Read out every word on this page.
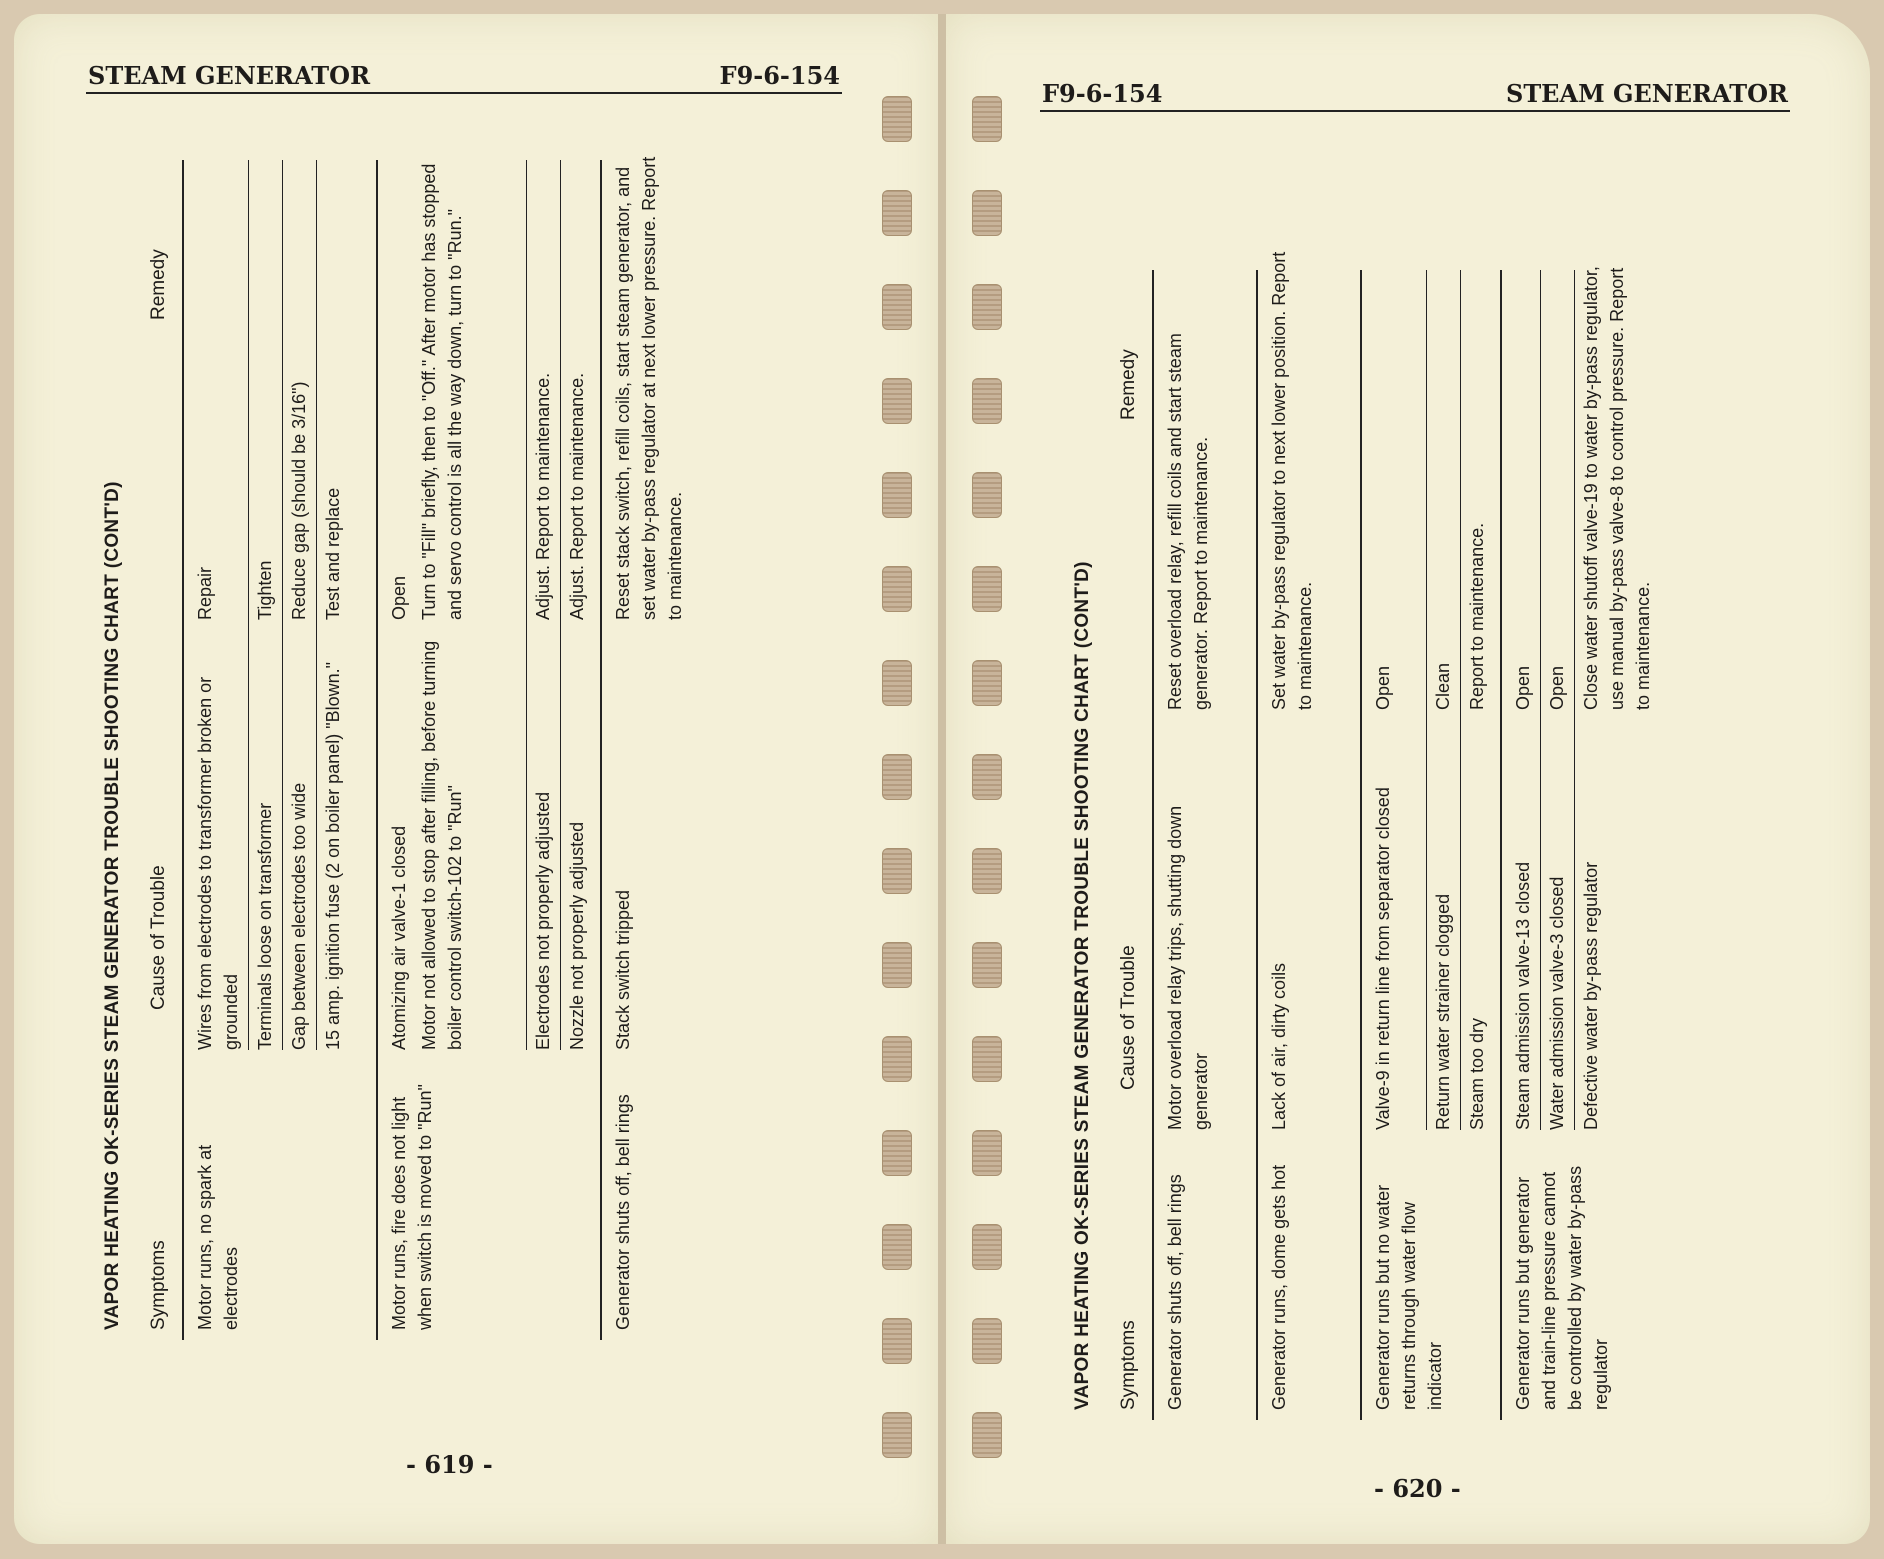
STEAM GENERATOR	F9-6-154
F9-6-154	STEAM GENERATOR
VAPOR HEATING OK-SERIES STEAM GENERATOR TROUBLE SHOOTING CHART (CONT'D) Symptoms
Cause of Trouble
Remedy
Motor runs, no spark at electrodes
Wires from electrodes to transformer broken or grounded
Repair
Terminals loose on transformer
Tighten
Gap between electrodes too wide
Reduce gap (should be 3/16")
15 amp. ignition fuse (2 on boiler panel) "Blown."
Test and replace
Motor runs, fire does not light when switch is moved to "Run"
Atomizing air valve-1 closed
Open
Motor not allowed to stop after filling, before turning boiler control switch-102 to "Run"
Turn to "Fill" briefly, then to "Off." After motor has stopped and servo control is all the way down, turn to "Run."
Electrodes not properly adjusted
Adjust. Report to maintenance.
Nozzle not properly adjusted
Adjust. Report to maintenance.
Generator shuts off, bell rings
Stack switch tripped
Reset stack switch, refill coils, start steam generator, and set water by-pass regulator at next lower pressure. Report to maintenance.
- 619 -
VAPOR HEATING OK-SERIES STEAM GENERATOR TROUBLE SHOOTING CHART (CONT'D) Symptoms
Cause of Trouble
Remedy
Generator shuts off, bell rings
Motor overload relay trips, shutting down generator
Reset overload relay, refill coils and start steam generator. Report to maintenance.
Generator runs, dome gets hot
Lack of air, dirty coils
Set water by-pass regulator to next lower position. Report to maintenance.
Generator runs but no water returns through water flow indicator
Valve-9 in return line from separator closed
Open
Return water strainer clogged
Clean
Steam too dry
Report to maintenance.
Generator runs but generator and train-line pressure cannot be controlled by water by-pass regulator
Steam admission valve-13 closed
Open
Water admission valve-3 closed
Open
Defective water by-pass regulator
Close water shutoff valve-19 to water by-pass regulator, use manual by-pass valve-8 to control pressure. Report to maintenance.
- 620 -
